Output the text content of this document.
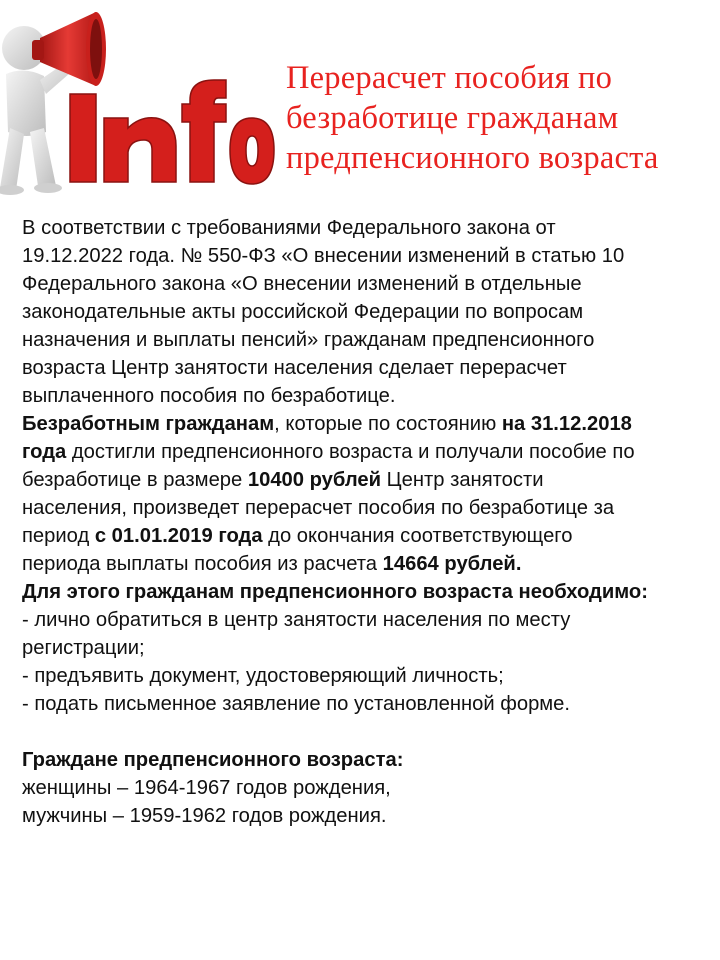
Перерасчет пособия по
безработице гражданам
предпенсионного возраста

В соответствии с требованиями Федерального закона от

19.12.2022 года. № 550-ФЗ «О внесении изменений в статью 10

Федерального закона «О внесении изменений в отдельные

законодательные акты российской Федерации по вопросам

назначения и выплаты пенсий» гражданам предпенсионного

возраста Центр занятости населения сделает перерасчет

выплаченного пособия по безработице.

Безработным гражданам, которые по состоянию на 31.12.2018

года достигли предпенсионного возраста и получали пособие по

безработице в размере 10400 рублей Центр занятости

населения, произведет перерасчет пособия по безработице за

период с 01.01.2019 года до окончания соответствующего

периода выплаты пособия из расчета 14664 рублей.

Для этого гражданам предпенсионного возраста необходимо:

- лично обратиться в центр занятости населения по месту

регистрации;

- предъявить документ, удостоверяющий личность;

- подать письменное заявление по установленной форме.

Граждане предпенсионного возраста:

женщины – 1964-1967 годов рождения,

мужчины – 1959-1962 годов рождения.
